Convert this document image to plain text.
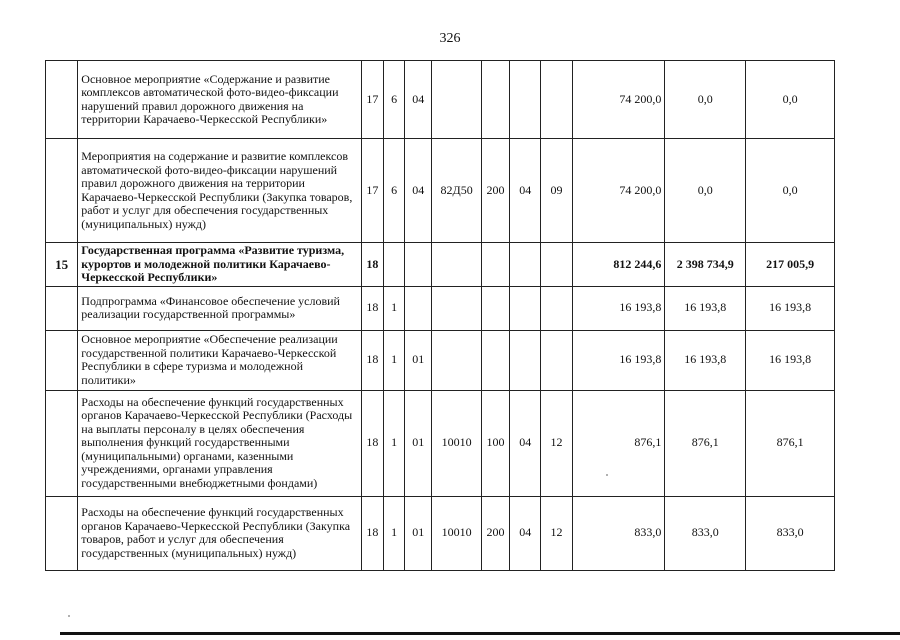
326
	Основное мероприятие «Содержание и развитие комплексов автоматической фото-видео-фиксации нарушений правил дорожного движения на территории Карачаево-Черкесской Республики»	17	6	04					74 200,0	0,0	0,0
	Мероприятия на содержание и развитие комплексов автоматической фото-видео-фиксации нарушений правил дорожного движения на территории Карачаево-Черкесской Республики (Закупка товаров, работ и услуг для обеспечения государственных (муниципальных) нужд)	17	6	04	82Д50	200	04	09	74 200,0	0,0	0,0
15	Государственная программа «Развитие туризма, курортов и молодежной политики Карачаево-Черкесской Республики»	18							812 244,6	2 398 734,9	217 005,9
	Подпрограмма «Финансовое обеспечение условий реализации государственной программы»	18	1						16 193,8	16 193,8	16 193,8
	Основное мероприятие «Обеспечение реализации государственной политики Карачаево-Черкесской Республики в сфере туризма и молодежной политики»	18	1	01					16 193,8	16 193,8	16 193,8
	Расходы на обеспечение функций государственных органов Карачаево-Черкесской Республики (Расходы на выплаты персоналу в целях обеспечения выполнения функций государственными (муниципальными) органами, казенными учреждениями, органами управления государственными внебюджетными фондами)	18	1	01	10010	100	04	12	876,1	876,1	876,1
	Расходы на обеспечение функций государственных органов Карачаево-Черкесской Республики (Закупка товаров, работ и услуг для обеспечения государственных (муниципальных) нужд)	18	1	01	10010	200	04	12	833,0	833,0	833,0
